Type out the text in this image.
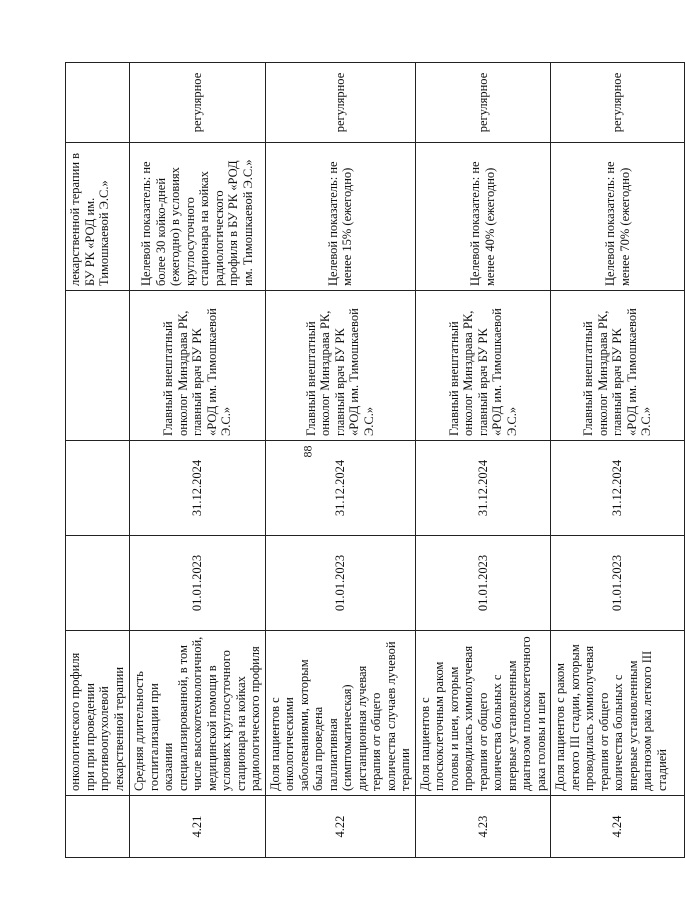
88
	онкологического профиля при при проведении противоопухолевой лекарственной терапии				лекарственной терапии в БУ РК «РОД им. Тимошкаевой Э.С.»	
4.21	Средняя длительность госпитализации при оказании специализированной, в том числе высокотехнологичной, медицинской помощи в условиях круглосуточного стационара на койках радиологического профиля	01.01.2023	31.12.2024	Главный внештатный онколог Минздрава РК, главный врач БУ РК «РОД им. Тимошкаевой Э.С.»	Целевой показатель: не более 30 койко-дней (ежегодно) в условиях круглосуточного стационара на койках радиологического профиля в БУ РК «РОД им. Тимошкаевой Э.С.»	регулярное
4.22	Доля пациентов с онкологическими заболеваниями, которым была проведена паллиативная (симптоматическая) дистанционная лучевая терапия от общего количества случаев лучевой терапии	01.01.2023	31.12.2024	Главный внештатный онколог Минздрава РК, главный врач БУ РК «РОД им. Тимошкаевой Э.С.»	Целевой показатель: не менее 15% (ежегодно)	регулярное
4.23	Доля пациентов с плоскоклеточным раком головы и шеи, которым проводилась химиолучевая терапия от общего количества больных с впервые установленным диагнозом плоскоклеточного рака головы и шеи	01.01.2023	31.12.2024	Главный внештатный онколог Минздрава РК, главный врач БУ РК «РОД им. Тимошкаевой Э.С.»	Целевой показатель: не менее 40% (ежегодно)	регулярное
4.24	Доля пациентов с раком легкого III стадии, которым проводилась химиолучевая терапия от общего количества больных с впервые установленным диагнозом рака легкого III стадией	01.01.2023	31.12.2024	Главный внештатный онколог Минздрава РК, главный врач БУ РК «РОД им. Тимошкаевой Э.С.»	Целевой показатель: не менее 70% (ежегодно)	регулярное
